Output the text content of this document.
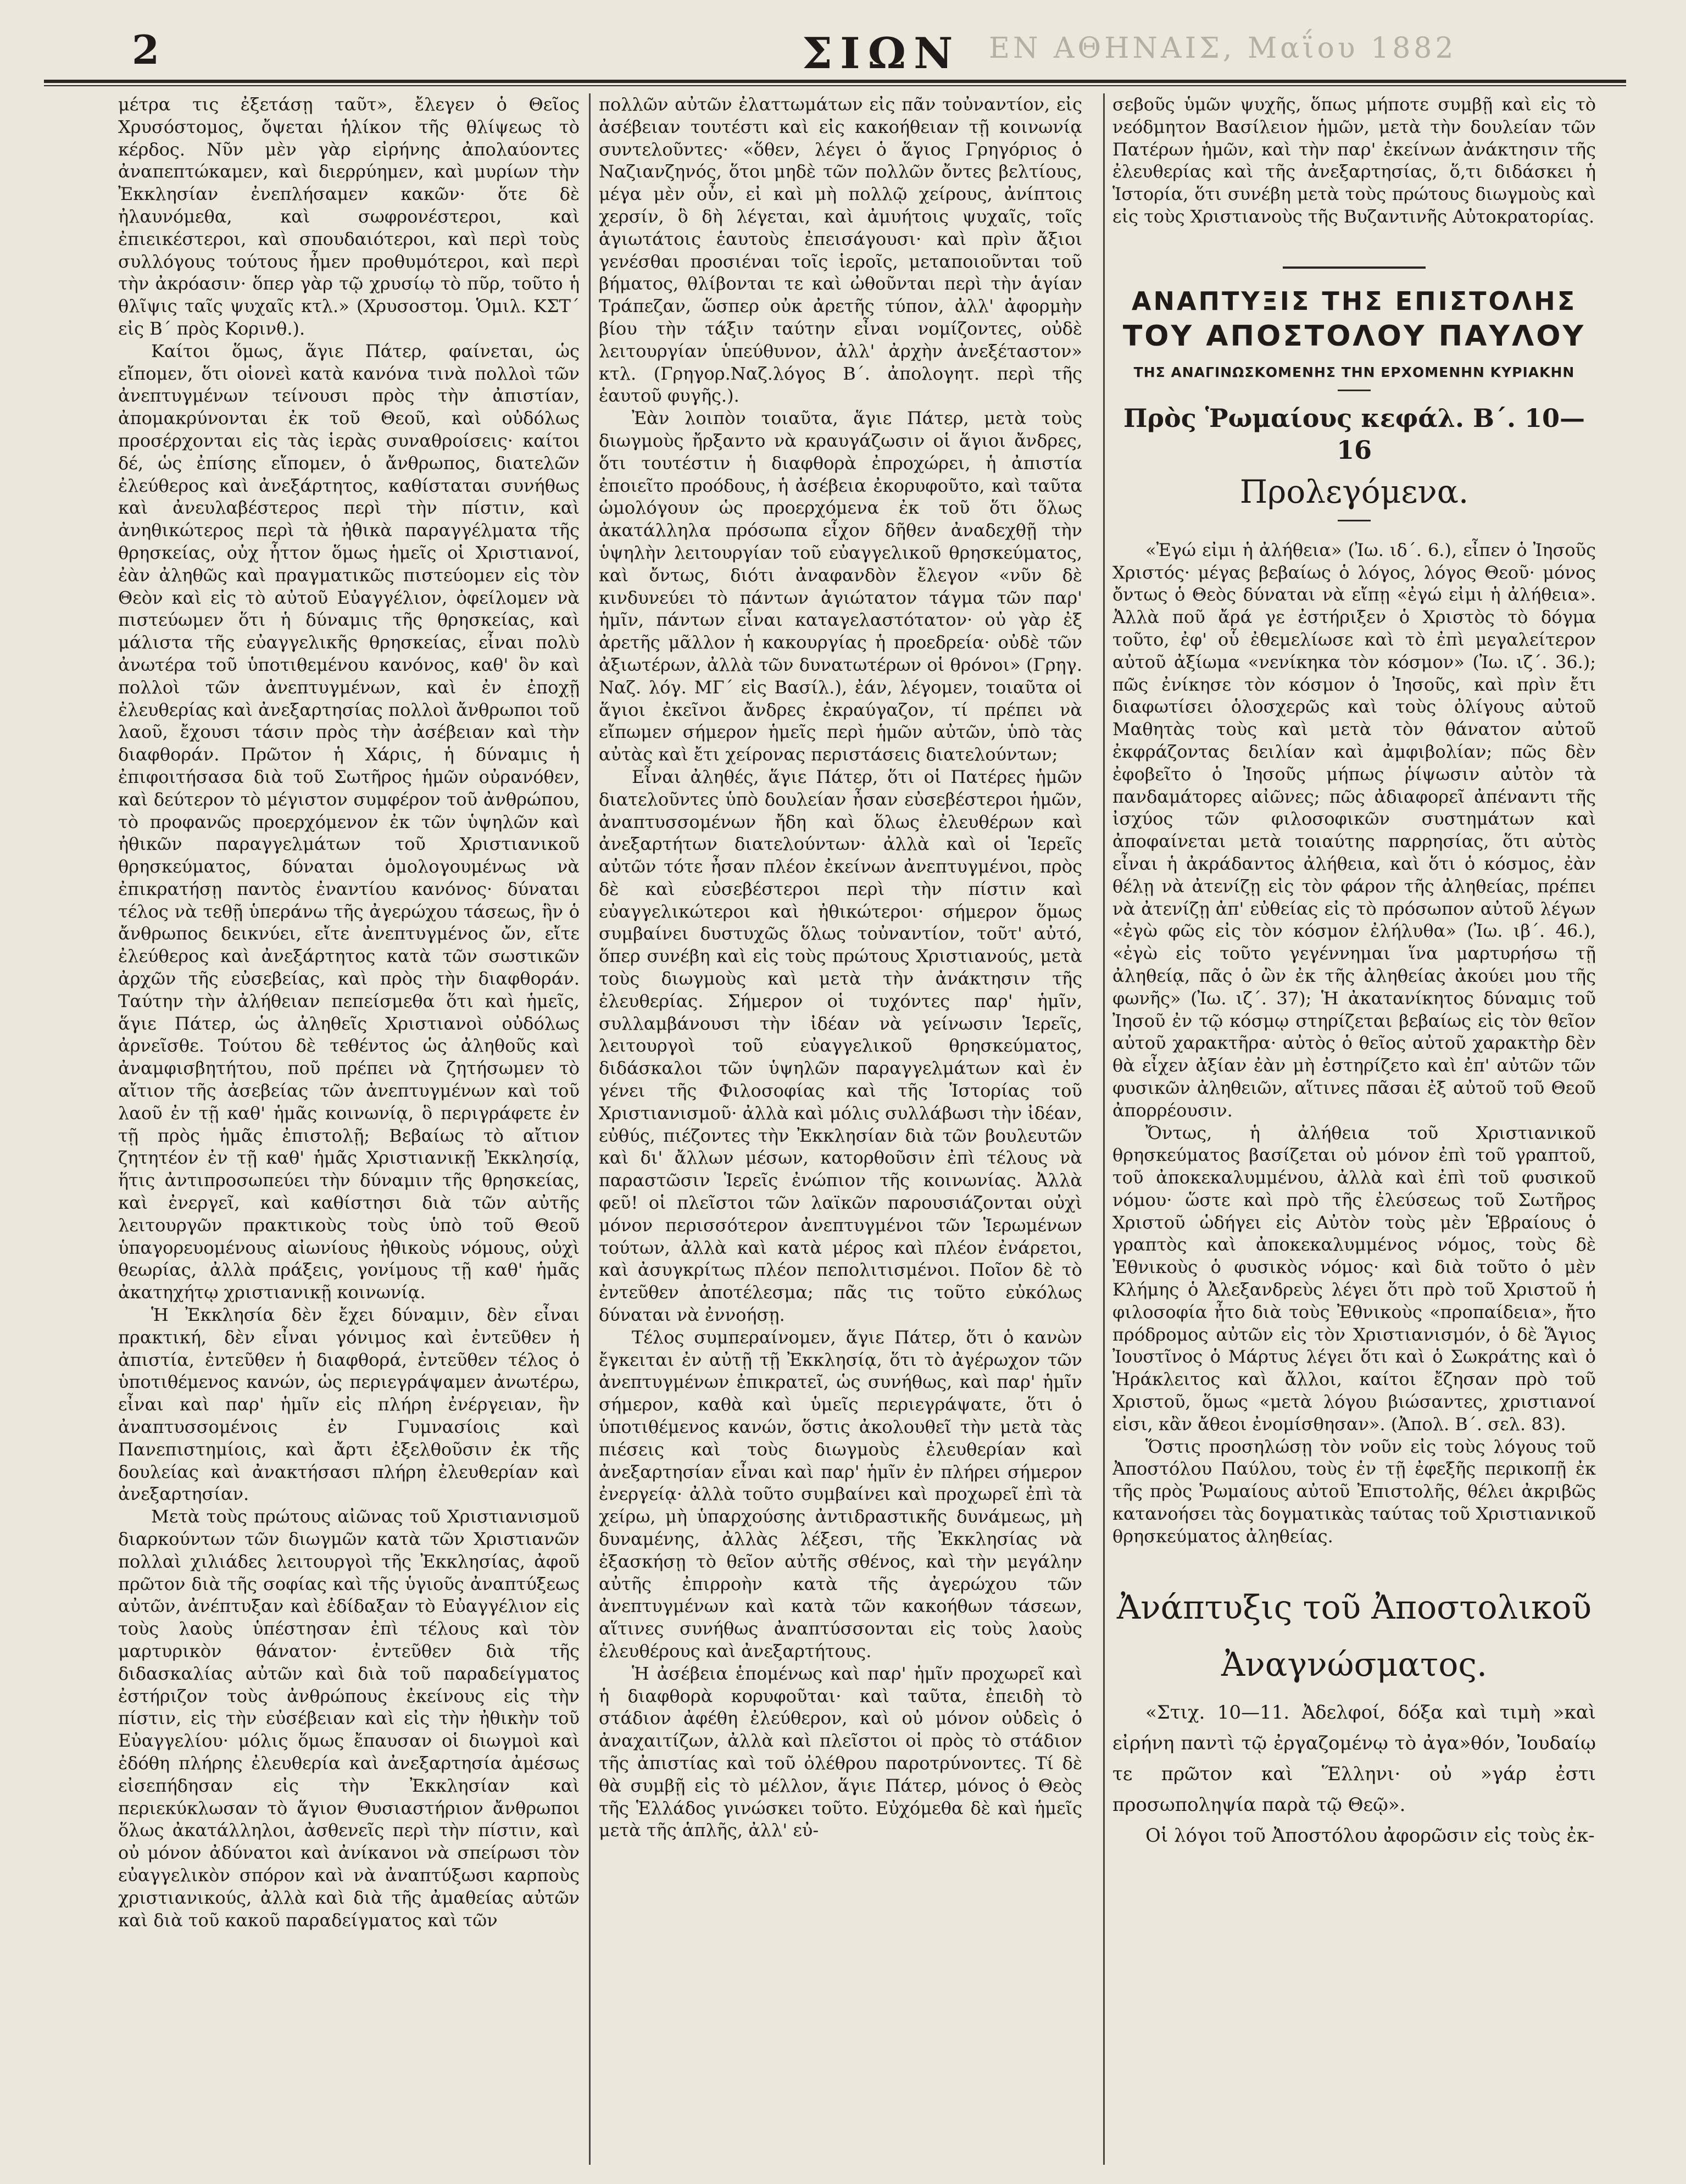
2	ΣΙΩΝ ΕΝ ΑΘΗΝΑΙΣ, Μαΐου 1882

μέτρα τις ἐξετάσῃ ταῦτ», ἔλεγεν ὁ Θεῖος Χρυσόστομος, ὄψεται ἡλίκον τῆς θλίψεως τὸ κέρδος. Νῦν μὲν γὰρ εἰρήνης ἀπολαύοντες ἀναπεπτώκαμεν, καὶ διερρύημεν, καὶ μυρίων τὴν Ἐκκλησίαν ἐνεπλήσαμεν κακῶν· ὅτε δὲ ἠλαυνόμεθα, καὶ σωφρονέστεροι, καὶ ἐπιεικέστεροι, καὶ σπουδαιότεροι, καὶ περὶ τοὺς συλλόγους τούτους ἦμεν προθυμότεροι, καὶ περὶ τὴν ἀκρόασιν· ὅπερ γὰρ τῷ χρυσίῳ τὸ πῦρ, τοῦτο ἡ θλῖψις ταῖς ψυχαῖς κτλ.» (Χρυσοστομ. Ὁμιλ. ΚΣΤ΄ εἰς Β΄ πρὸς Κορινθ.).

Καίτοι ὅμως, ἅγιε Πάτερ, φαίνεται, ὡς εἴπομεν, ὅτι οἱονεὶ κατὰ κανόνα τινὰ πολλοὶ τῶν ἀνεπτυγμένων τείνουσι πρὸς τὴν ἀπιστίαν, ἀπομακρύνονται ἐκ τοῦ Θεοῦ, καὶ οὐδόλως προσέρχονται εἰς τὰς ἱερὰς συναθροίσεις· καίτοι δέ, ὡς ἐπίσης εἴπομεν, ὁ ἄνθρωπος, διατελῶν ἐλεύθερος καὶ ἀνεξάρτητος, καθίσταται συνήθως καὶ ἀνευλαβέστερος περὶ τὴν πίστιν, καὶ ἀνηθικώτερος περὶ τὰ ἠθικὰ παραγγέλματα τῆς θρησκείας, οὐχ ἧττον ὅμως ἡμεῖς οἱ Χριστιανοί, ἐὰν ἀληθῶς καὶ πραγματικῶς πιστεύομεν εἰς τὸν Θεὸν καὶ εἰς τὸ αὐτοῦ Εὐαγγέλιον, ὀφείλομεν νὰ πιστεύωμεν ὅτι ἡ δύναμις τῆς θρησκείας, καὶ μάλιστα τῆς εὐαγγελικῆς θρησκείας, εἶναι πολὺ ἀνωτέρα τοῦ ὑποτιθεμένου κανόνος, καθ' ὃν καὶ πολλοὶ τῶν ἀνεπτυγμένων, καὶ ἐν ἐποχῇ ἐλευθερίας καὶ ἀνεξαρτησίας πολλοὶ ἄνθρωποι τοῦ λαοῦ, ἔχουσι τάσιν πρὸς τὴν ἀσέβειαν καὶ τὴν διαφθοράν. Πρῶτον ἡ Χάρις, ἡ δύναμις ἡ ἐπιφοιτήσασα διὰ τοῦ Σωτῆρος ἡμῶν οὐρανόθεν, καὶ δεύτερον τὸ μέγιστον συμφέρον τοῦ ἀνθρώπου, τὸ προφανῶς προερχόμενον ἐκ τῶν ὑψηλῶν καὶ ἠθικῶν παραγγελμάτων τοῦ Χριστιανικοῦ θρησκεύματος, δύναται ὁμολογουμένως νὰ ἐπικρατήσῃ παντὸς ἐναντίου κανόνος· δύναται τέλος νὰ τεθῇ ὑπεράνω τῆς ἀγερώχου τάσεως, ἣν ὁ ἄνθρωπος δεικνύει, εἴτε ἀνεπτυγμένος ὤν, εἴτε ἐλεύθερος καὶ ἀνεξάρτητος κατὰ τῶν σωστικῶν ἀρχῶν τῆς εὐσεβείας, καὶ πρὸς τὴν διαφθοράν. Ταύτην τὴν ἀλήθειαν πεπείσμεθα ὅτι καὶ ἡμεῖς, ἅγιε Πάτερ, ὡς ἀληθεῖς Χριστιανοὶ οὐδόλως ἀρνεῖσθε. Τούτου δὲ τεθέντος ὡς ἀληθοῦς καὶ ἀναμφισβητήτου, ποῦ πρέπει νὰ ζητήσωμεν τὸ αἴτιον τῆς ἀσεβείας τῶν ἀνεπτυγμένων καὶ τοῦ λαοῦ ἐν τῇ καθ' ἡμᾶς κοινωνίᾳ, ὃ περιγράφετε ἐν τῇ πρὸς ἡμᾶς ἐπιστολῇ; Βεβαίως τὸ αἴτιον ζητητέον ἐν τῇ καθ' ἡμᾶς Χριστιανικῇ Ἐκκλησίᾳ, ἥτις ἀντιπροσωπεύει τὴν δύναμιν τῆς θρησκείας, καὶ ἐνεργεῖ, καὶ καθίστησι διὰ τῶν αὐτῆς λειτουργῶν πρακτικοὺς τοὺς ὑπὸ τοῦ Θεοῦ ὑπαγορευομένους αἰωνίους ἠθικοὺς νόμους, οὐχὶ θεωρίας, ἀλλὰ πράξεις, γονίμους τῇ καθ' ἡμᾶς ἀκατηχήτῳ χριστιανικῇ κοινωνίᾳ.

Ἡ Ἐκκλησία δὲν ἔχει δύναμιν, δὲν εἶναι πρακτική, δὲν εἶναι γόνιμος καὶ ἐντεῦθεν ἡ ἀπιστία, ἐντεῦθεν ἡ διαφθορά, ἐντεῦθεν τέλος ὁ ὑποτιθέμενος κανών, ὡς περιεγράψαμεν ἀνωτέρω, εἶναι καὶ παρ' ἡμῖν εἰς πλήρη ἐνέργειαν, ἣν ἀναπτυσσομένοις ἐν Γυμνασίοις καὶ Πανεπιστημίοις, καὶ ἄρτι ἐξελθοῦσιν ἐκ τῆς δουλείας καὶ ἀνακτήσασι πλήρη ἐλευθερίαν καὶ ἀνεξαρτησίαν.

Μετὰ τοὺς πρώτους αἰῶνας τοῦ Χριστιανισμοῦ διαρκούντων τῶν διωγμῶν κατὰ τῶν Χριστιανῶν πολλαὶ χιλιάδες λειτουργοὶ τῆς Ἐκκλησίας, ἀφοῦ πρῶτον διὰ τῆς σοφίας καὶ τῆς ὑγιοῦς ἀναπτύξεως αὐτῶν, ἀνέπτυξαν καὶ ἐδίδαξαν τὸ Εὐαγγέλιον εἰς τοὺς λαοὺς ὑπέστησαν ἐπὶ τέλους καὶ τὸν μαρτυρικὸν θάνατον· ἐντεῦθεν διὰ τῆς διδασκαλίας αὐτῶν καὶ διὰ τοῦ παραδείγματος ἐστήριζον τοὺς ἀνθρώπους ἐκείνους εἰς τὴν πίστιν, εἰς τὴν εὐσέβειαν καὶ εἰς τὴν ἠθικὴν τοῦ Εὐαγγελίου· μόλις ὅμως ἔπαυσαν οἱ διωγμοὶ καὶ ἐδόθη πλήρης ἐλευθερία καὶ ἀνεξαρτησία ἀμέσως εἰσεπήδησαν εἰς τὴν Ἐκκλησίαν καὶ περιεκύκλωσαν τὸ ἅγιον Θυσιαστήριον ἄνθρωποι ὅλως ἀκατάλληλοι, ἀσθενεῖς περὶ τὴν πίστιν, καὶ οὐ μόνον ἀδύνατοι καὶ ἀνίκανοι νὰ σπείρωσι τὸν εὐαγγελικὸν σπόρον καὶ νὰ ἀναπτύξωσι καρποὺς χριστιανικούς, ἀλλὰ καὶ διὰ τῆς ἀμαθείας αὐτῶν καὶ διὰ τοῦ κακοῦ παραδείγματος καὶ τῶν

πολλῶν αὐτῶν ἐλαττωμάτων εἰς πᾶν τοὐναντίον, εἰς ἀσέβειαν τουτέστι καὶ εἰς κακοήθειαν τῇ κοινωνίᾳ συντελοῦντες· «ὅθεν, λέγει ὁ ἅγιος Γρηγόριος ὁ Ναζιανζηνός, ὅτοι μηδὲ τῶν πολλῶν ὄντες βελτίους, μέγα μὲν οὖν, εἰ καὶ μὴ πολλῷ χείρους, ἀνίπτοις χερσίν, ὃ δὴ λέγεται, καὶ ἀμυήτοις ψυχαῖς, τοῖς ἁγιωτάτοις ἑαυτοὺς ἐπεισάγουσι· καὶ πρὶν ἄξιοι γενέσθαι προσιέναι τοῖς ἱεροῖς, μεταποιοῦνται τοῦ βήματος, θλίβονται τε καὶ ὠθοῦνται περὶ τὴν ἁγίαν Τράπεζαν, ὥσπερ οὐκ ἀρετῆς τύπον, ἀλλ' ἀφορμὴν βίου τὴν τάξιν ταύτην εἶναι νομίζοντες, οὐδὲ λειτουργίαν ὑπεύθυνον, ἀλλ' ἀρχὴν ἀνεξέταστον» κτλ. (Γρηγορ.Ναζ.λόγος Β΄. ἀπολογητ. περὶ τῆς ἑαυτοῦ φυγῆς.).

Ἐὰν λοιπὸν τοιαῦτα, ἅγιε Πάτερ, μετὰ τοὺς διωγμοὺς ἤρξαντο νὰ κραυγάζωσιν οἱ ἅγιοι ἄνδρες, ὅτι τουτέστιν ἡ διαφθορὰ ἐπροχώρει, ἡ ἀπιστία ἐποιεῖτο προόδους, ἡ ἀσέβεια ἐκορυφοῦτο, καὶ ταῦτα ὡμολόγουν ὡς προερχόμενα ἐκ τοῦ ὅτι ὅλως ἀκατάλληλα πρόσωπα εἶχον δῆθεν ἀναδεχθῇ τὴν ὑψηλὴν λειτουργίαν τοῦ εὐαγγελικοῦ θρησκεύματος, καὶ ὄντως, διότι ἀναφανδὸν ἔλεγον «νῦν δὲ κινδυνεύει τὸ πάντων ἁγιώτατον τάγμα τῶν παρ' ἡμῖν, πάντων εἶναι καταγελαστότατον· οὐ γὰρ ἐξ ἀρετῆς μᾶλλον ἡ κακουργίας ἡ προεδρεία· οὐδὲ τῶν ἀξιωτέρων, ἀλλὰ τῶν δυνατωτέρων οἱ θρόνοι» (Γρηγ. Ναζ. λόγ. ΜΓ΄ εἰς Βασίλ.), ἐάν, λέγομεν, τοιαῦτα οἱ ἅγιοι ἐκεῖνοι ἄνδρες ἐκραύγαζον, τί πρέπει νὰ εἴπωμεν σήμερον ἡμεῖς περὶ ἡμῶν αὐτῶν, ὑπὸ τὰς αὐτὰς καὶ ἔτι χείρονας περιστάσεις διατελούντων;

Εἶναι ἀληθές, ἅγιε Πάτερ, ὅτι οἱ Πατέρες ἡμῶν διατελοῦντες ὑπὸ δουλείαν ἦσαν εὐσεβέστεροι ἡμῶν, ἀναπτυσσομένων ἤδη καὶ ὅλως ἐλευθέρων καὶ ἀνεξαρτήτων διατελούντων· ἀλλὰ καὶ οἱ Ἱερεῖς αὐτῶν τότε ἦσαν πλέον ἐκείνων ἀνεπτυγμένοι, πρὸς δὲ καὶ εὐσεβέστεροι περὶ τὴν πίστιν καὶ εὐαγγελικώτεροι καὶ ἠθικώτεροι· σήμερον ὅμως συμβαίνει δυστυχῶς ὅλως τοὐναντίον, τοῦτ' αὐτό, ὅπερ συνέβη καὶ εἰς τοὺς πρώτους Χριστιανούς, μετὰ τοὺς διωγμοὺς καὶ μετὰ τὴν ἀνάκτησιν τῆς ἐλευθερίας. Σήμερον οἱ τυχόντες παρ' ἡμῖν, συλλαμβάνουσι τὴν ἰδέαν νὰ γείνωσιν Ἱερεῖς, λειτουργοὶ τοῦ εὐαγγελικοῦ θρησκεύματος, διδάσκαλοι τῶν ὑψηλῶν παραγγελμάτων καὶ ἐν γένει τῆς Φιλοσοφίας καὶ τῆς Ἱστορίας τοῦ Χριστιανισμοῦ· ἀλλὰ καὶ μόλις συλλάβωσι τὴν ἰδέαν, εὐθύς, πιέζοντες τὴν Ἐκκλησίαν διὰ τῶν βουλευτῶν καὶ δι' ἄλλων μέσων, κατορθοῦσιν ἐπὶ τέλους νὰ παραστῶσιν Ἱερεῖς ἐνώπιον τῆς κοινωνίας. Ἀλλὰ φεῦ! οἱ πλεῖστοι τῶν λαϊκῶν παρουσιάζονται οὐχὶ μόνον περισσότερον ἀνεπτυγμένοι τῶν Ἱερωμένων τούτων, ἀλλὰ καὶ κατὰ μέρος καὶ πλέον ἐνάρετοι, καὶ ἀσυγκρίτως πλέον πεπολιτισμένοι. Ποῖον δὲ τὸ ἐντεῦθεν ἀποτέλεσμα; πᾶς τις τοῦτο εὐκόλως δύναται νὰ ἐννοήσῃ.

Τέλος συμπεραίνομεν, ἅγιε Πάτερ, ὅτι ὁ κανὼν ἔγκειται ἐν αὐτῇ τῇ Ἐκκλησίᾳ, ὅτι τὸ ἀγέρωχον τῶν ἀνεπτυγμένων ἐπικρατεῖ, ὡς συνήθως, καὶ παρ' ἡμῖν σήμερον, καθὰ καὶ ὑμεῖς περιεγράψατε, ὅτι ὁ ὑποτιθέμενος κανών, ὅστις ἀκολουθεῖ τὴν μετὰ τὰς πιέσεις καὶ τοὺς διωγμοὺς ἐλευθερίαν καὶ ἀνεξαρτησίαν εἶναι καὶ παρ' ἡμῖν ἐν πλήρει σήμερον ἐνεργείᾳ· ἀλλὰ τοῦτο συμβαίνει καὶ προχωρεῖ ἐπὶ τὰ χείρω, μὴ ὑπαρχούσης ἀντιδραστικῆς δυνάμεως, μὴ δυναμένης, ἀλλὰς λέξεσι, τῆς Ἐκκλησίας νὰ ἐξασκήσῃ τὸ θεῖον αὐτῆς σθένος, καὶ τὴν μεγάλην αὐτῆς ἐπιρροὴν κατὰ τῆς ἀγερώχου τῶν ἀνεπτυγμένων καὶ κατὰ τῶν κακοήθων τάσεων, αἵτινες συνήθως ἀναπτύσσονται εἰς τοὺς λαοὺς ἐλευθέρους καὶ ἀνεξαρτήτους.

Ἡ ἀσέβεια ἑπομένως καὶ παρ' ἡμῖν προχωρεῖ καὶ ἡ διαφθορὰ κορυφοῦται· καὶ ταῦτα, ἐπειδὴ τὸ στάδιον ἀφέθη ἐλεύθερον, καὶ οὐ μόνον οὐδεὶς ὁ ἀναχαιτίζων, ἀλλὰ καὶ πλεῖστοι οἱ πρὸς τὸ στάδιον τῆς ἀπιστίας καὶ τοῦ ὀλέθρου παροτρύνοντες. Τί δὲ θὰ συμβῇ εἰς τὸ μέλλον, ἅγιε Πάτερ, μόνος ὁ Θεὸς τῆς Ἑλλάδος γινώσκει τοῦτο. Εὐχόμεθα δὲ καὶ ἡμεῖς μετὰ τῆς ἁπλῆς, ἀλλ' εὐ-

σεβοῦς ὑμῶν ψυχῆς, ὅπως μήποτε συμβῇ καὶ εἰς τὸ νεόδμητον Βασίλειον ἡμῶν, μετὰ τὴν δουλείαν τῶν Πατέρων ἡμῶν, καὶ τὴν παρ' ἐκείνων ἀνάκτησιν τῆς ἐλευθερίας καὶ τῆς ἀνεξαρτησίας, ὅ,τι διδάσκει ἡ Ἱστορία, ὅτι συνέβη μετὰ τοὺς πρώτους διωγμοὺς καὶ εἰς τοὺς Χριστιανοὺς τῆς Βυζαντινῆς Αὐτοκρατορίας.

ΑΝΑΠΤΥΞΙΣ ΤΗΣ ΕΠΙΣΤΟΛΗΣ
ΤΟΥ ΑΠΟΣΤΟΛΟΥ ΠΑΥΛΟΥ
ΤΗΣ ΑΝΑΓΙΝΩΣΚΟΜΕΝΗΣ ΤΗΝ ΕΡΧΟΜΕΝΗΝ ΚΥΡΙΑΚΗΝ
Πρὸς Ῥωμαίους κεφάλ. Β΄. 10—16
Προλεγόμενα.

«Ἐγώ εἰμι ἡ ἀλήθεια» (Ἰω. ιδ΄. 6.), εἶπεν ὁ Ἰησοῦς Χριστός· μέγας βεβαίως ὁ λόγος, λόγος Θεοῦ· μόνος ὄντως ὁ Θεὸς δύναται νὰ εἴπῃ «ἐγώ εἰμι ἡ ἀλήθεια». Ἀλλὰ ποῦ ἄρά γε ἐστήριξεν ὁ Χριστὸς τὸ δόγμα τοῦτο, ἐφ' οὗ ἐθεμελίωσε καὶ τὸ ἐπὶ μεγαλείτερον αὐτοῦ ἀξίωμα «νενίκηκα τὸν κόσμον» (Ἰω. ιζ΄. 36.); πῶς ἐνίκησε τὸν κόσμον ὁ Ἰησοῦς, καὶ πρὶν ἔτι διαφωτίσει ὁλοσχερῶς καὶ τοὺς ὀλίγους αὐτοῦ Μαθητὰς τοὺς καὶ μετὰ τὸν θάνατον αὐτοῦ ἐκφράζοντας δειλίαν καὶ ἀμφιβολίαν; πῶς δὲν ἐφοβεῖτο ὁ Ἰησοῦς μήπως ῥίψωσιν αὐτὸν τὰ πανδαμάτορες αἰῶνες; πῶς ἀδιαφορεῖ ἀπέναντι τῆς ἰσχύος τῶν φιλοσοφικῶν συστημάτων καὶ ἀποφαίνεται μετὰ τοιαύτης παρρησίας, ὅτι αὐτὸς εἶναι ἡ ἀκράδαντος ἀλήθεια, καὶ ὅτι ὁ κόσμος, ἐὰν θέλῃ νὰ ἀτενίζῃ εἰς τὸν φάρον τῆς ἀληθείας, πρέπει νὰ ἀτενίζῃ ἀπ' εὐθείας εἰς τὸ πρόσωπον αὐτοῦ λέγων «ἐγὼ φῶς εἰς τὸν κόσμον ἐλήλυθα» (Ἰω. ιβ΄. 46.), «ἐγὼ εἰς τοῦτο γεγέννημαι ἵνα μαρτυρήσω τῇ ἀληθείᾳ, πᾶς ὁ ὢν ἐκ τῆς ἀληθείας ἀκούει μου τῆς φωνῆς» (Ἰω. ιζ΄. 37); Ἡ ἀκατανίκητος δύναμις τοῦ Ἰησοῦ ἐν τῷ κόσμῳ στηρίζεται βεβαίως εἰς τὸν θεῖον αὐτοῦ χαρακτῆρα· αὐτὸς ὁ θεῖος αὐτοῦ χαρακτὴρ δὲν θὰ εἶχεν ἀξίαν ἐὰν μὴ ἐστηρίζετο καὶ ἐπ' αὐτῶν τῶν φυσικῶν ἀληθειῶν, αἵτινες πᾶσαι ἐξ αὐτοῦ τοῦ Θεοῦ ἀπορρέουσιν.

Ὄντως, ἡ ἀλήθεια τοῦ Χριστιανικοῦ θρησκεύματος βασίζεται οὐ μόνον ἐπὶ τοῦ γραπτοῦ, τοῦ ἀποκεκαλυμμένου, ἀλλὰ καὶ ἐπὶ τοῦ φυσικοῦ νόμου· ὥστε καὶ πρὸ τῆς ἐλεύσεως τοῦ Σωτῆρος Χριστοῦ ὡδήγει εἰς Αὐτὸν τοὺς μὲν Ἑβραίους ὁ γραπτὸς καὶ ἀποκεκαλυμμένος νόμος, τοὺς δὲ Ἐθνικοὺς ὁ φυσικὸς νόμος· καὶ διὰ τοῦτο ὁ μὲν Κλήμης ὁ Ἀλεξανδρεὺς λέγει ὅτι πρὸ τοῦ Χριστοῦ ἡ φιλοσοφία ἦτο διὰ τοὺς Ἐθνικοὺς «προπαίδεια», ἤτο πρόδρομος αὐτῶν εἰς τὸν Χριστιανισμόν, ὁ δὲ Ἅγιος Ἰουστῖνος ὁ Μάρτυς λέγει ὅτι καὶ ὁ Σωκράτης καὶ ὁ Ἡράκλειτος καὶ ἄλλοι, καίτοι ἔζησαν πρὸ τοῦ Χριστοῦ, ὅμως «μετὰ λόγου βιώσαντες, χριστιανοί εἰσι, κἂν ἄθεοι ἐνομίσθησαν». (Ἀπολ. Β΄. σελ. 83).

Ὅστις προσηλώσῃ τὸν νοῦν εἰς τοὺς λόγους τοῦ Ἀποστόλου Παύλου, τοὺς ἐν τῇ ἐφεξῆς περικοπῇ ἐκ τῆς πρὸς Ῥωμαίους αὐτοῦ Ἐπιστολῆς, θέλει ἀκριβῶς κατανοήσει τὰς δογματικὰς ταύτας τοῦ Χριστιανικοῦ θρησκεύματος ἀληθείας.

Ἀνάπτυξις τοῦ Ἀποστολικοῦ
Ἀναγνώσματος.

«Στιχ. 10—11. Ἀδελφοί, δόξα καὶ τιμὴ »καὶ εἰρήνη παντὶ τῷ ἐργαζομένῳ τὸ ἀγα»θόν, Ἰουδαίῳ τε πρῶτον καὶ Ἕλληνι· οὐ »γάρ ἐστι προσωποληψία παρὰ τῷ Θεῷ».

Οἱ λόγοι τοῦ Ἀποστόλου ἀφορῶσιν εἰς τοὺς ἐκ-
